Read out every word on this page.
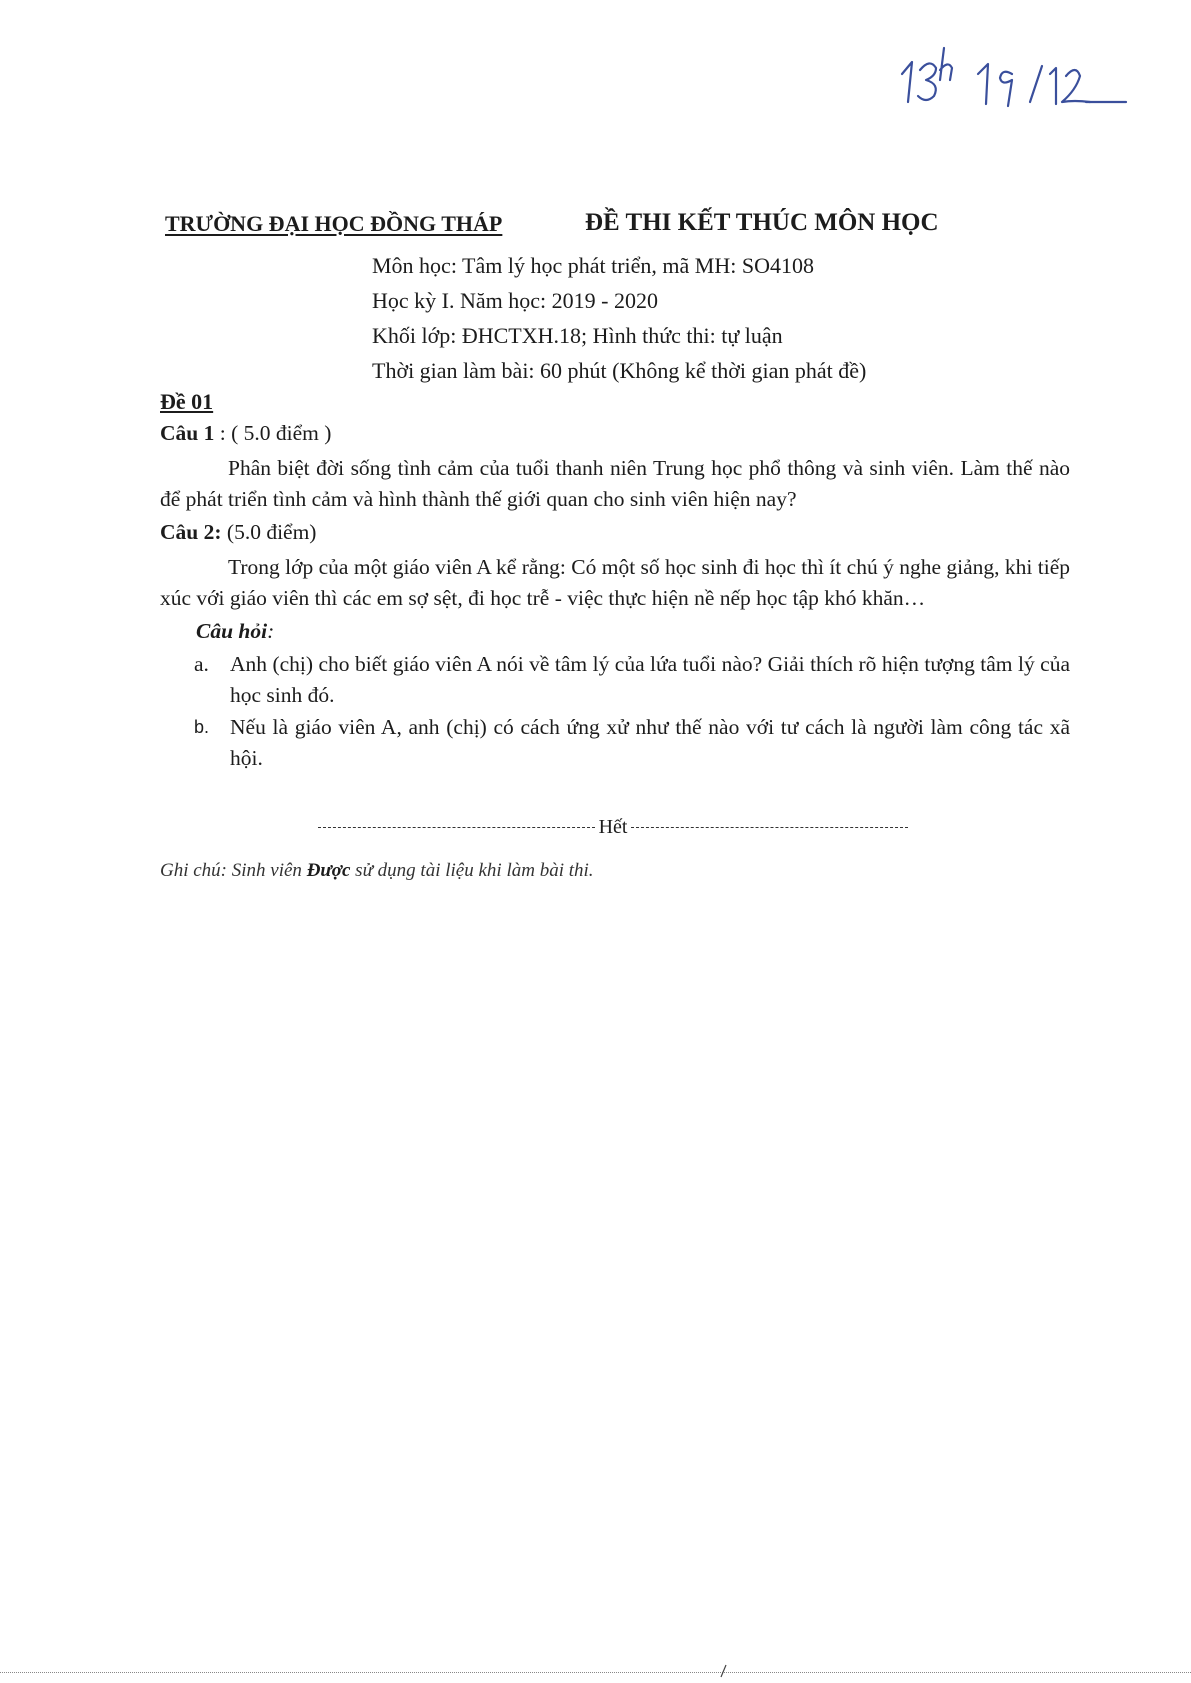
TRƯỜNG ĐẠI HỌC ĐỒNG THÁP	ĐỀ THI KẾT THÚC MÔN HỌC
Môn học: Tâm lý học phát triển, mã MH: SO4108
Học kỳ I. Năm học: 2019 - 2020
Khối lớp: ĐHCTXH.18; Hình thức thi: tự luận
Thời gian làm bài: 60 phút (Không kể thời gian phát đề)
Đề 01
Câu 1 : ( 5.0 điểm )
Phân biệt đời sống tình cảm của tuổi thanh niên Trung học phổ thông và sinh viên. Làm thế nào để phát triển tình cảm và hình thành thế giới quan cho sinh viên hiện nay?
Câu 2: (5.0 điểm)
Trong lớp của một giáo viên A kể rằng: Có một số học sinh đi học thì ít chú ý nghe giảng, khi tiếp xúc với giáo viên thì các em sợ sệt, đi học trễ - việc thực hiện nề nếp học tập khó khăn…
Câu hỏi:
a. Anh (chị) cho biết giáo viên A nói về tâm lý của lứa tuổi nào? Giải thích rõ hiện tượng tâm lý của học sinh đó.
b. Nếu là giáo viên A, anh (chị) có cách ứng xử như thế nào với tư cách là người làm công tác xã hội.
Hết
Ghi chú: Sinh viên Được sử dụng tài liệu khi làm bài thi.
